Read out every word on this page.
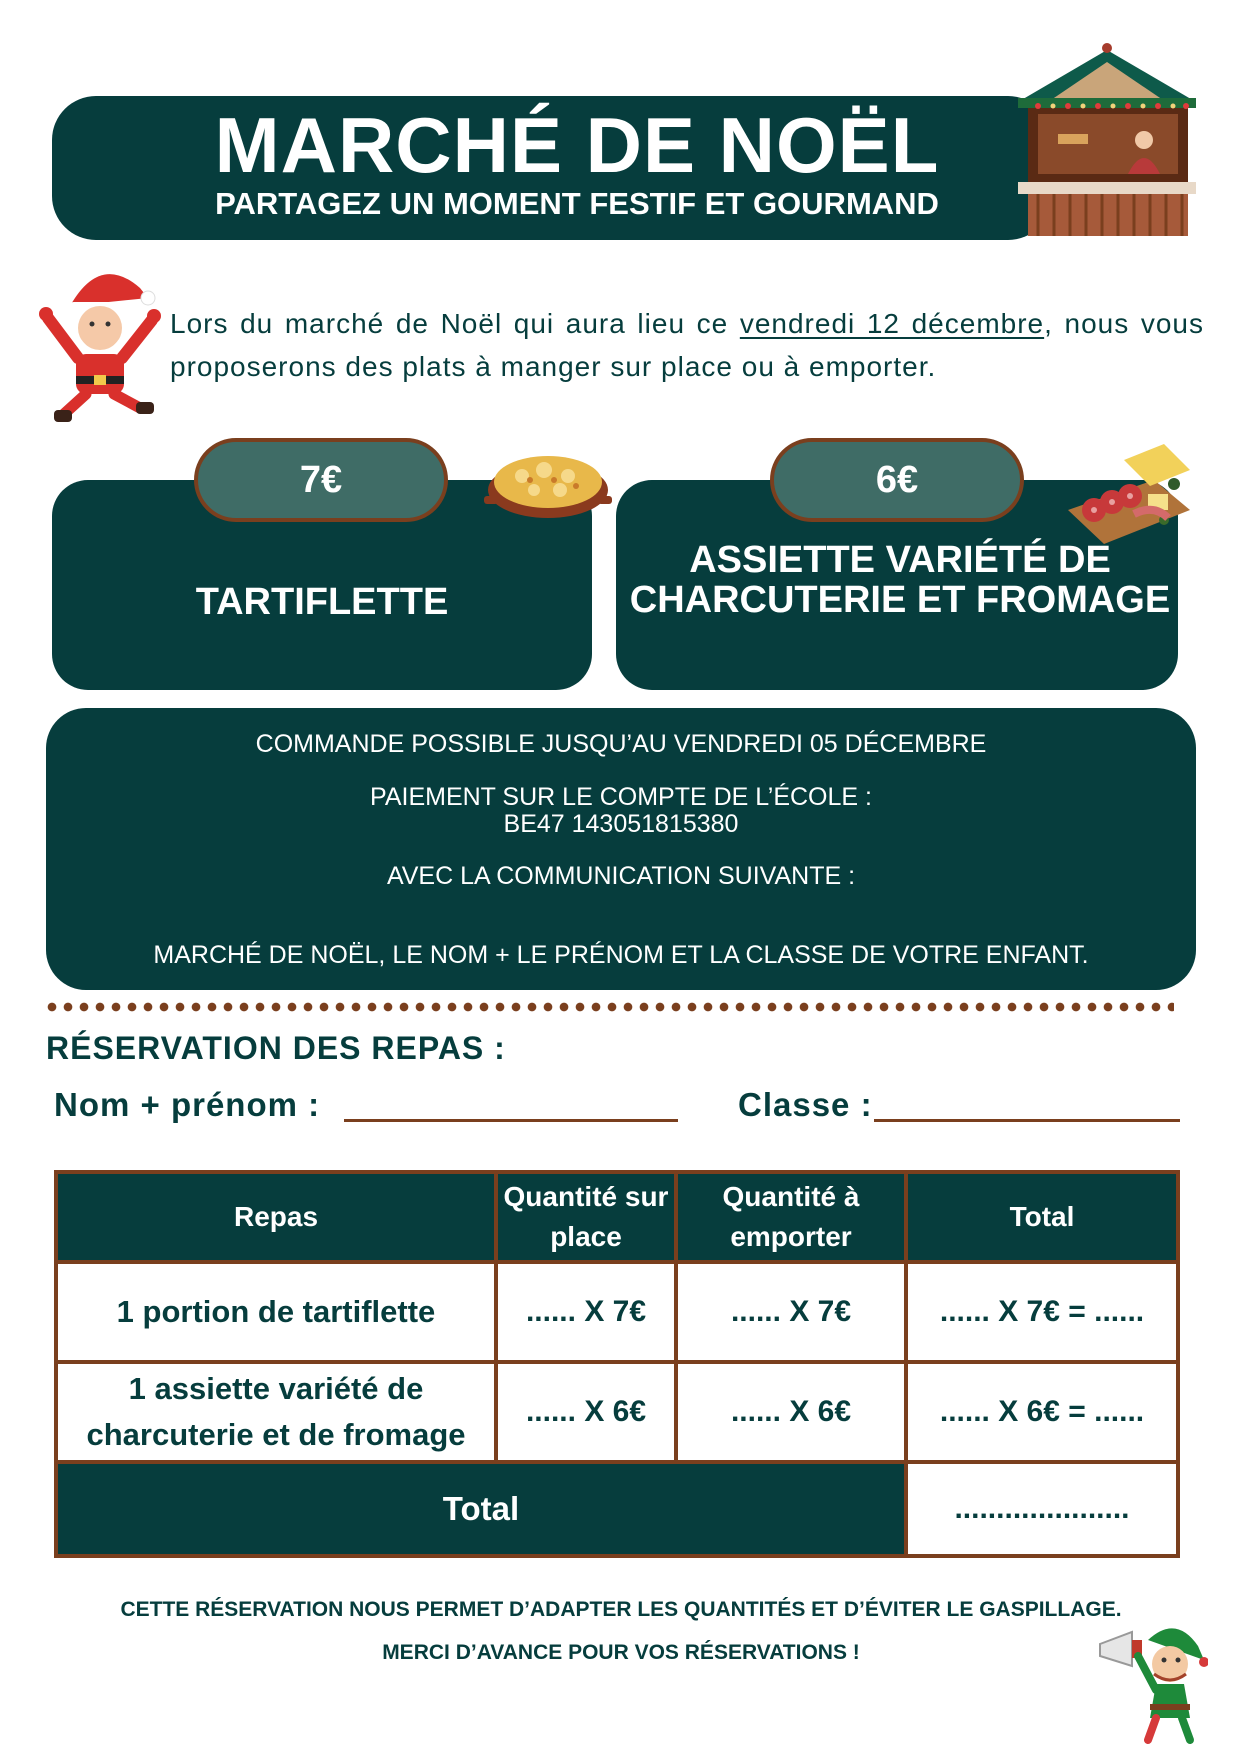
MARCHÉ DE NOËL
PARTAGEZ UN MOMENT FESTIF ET GOURMAND
Lors du marché de Noël qui aura lieu ce vendredi 12 décembre, nous vous proposerons des plats à manger sur place ou à emporter.
7€	6€
TARTIFLETTE
ASSIETTE VARIÉTÉ DE CHARCUTERIE ET FROMAGE
COMMANDE POSSIBLE JUSQU’AU VENDREDI 05 DÉCEMBRE
PAIEMENT SUR LE COMPTE DE L’ÉCOLE :
BE47 143051815380
AVEC LA COMMUNICATION SUIVANTE :
MARCHÉ DE NOËL, LE NOM + LE PRÉNOM ET LA CLASSE DE VOTRE ENFANT.
RÉSERVATION DES REPAS :
Nom + prénom :	Classe :
Repas	Quantité sur place	Quantité à emporter	Total
1 portion de tartiflette	...... X 7€	...... X 7€	...... X 7€ = ......
1 assiette variété de charcuterie et de fromage	...... X 6€	...... X 6€	...... X 6€ = ......
Total			.....................
CETTE RÉSERVATION NOUS PERMET D’ADAPTER LES QUANTITÉS ET D’ÉVITER LE GASPILLAGE.
MERCI D’AVANCE POUR VOS RÉSERVATIONS !
